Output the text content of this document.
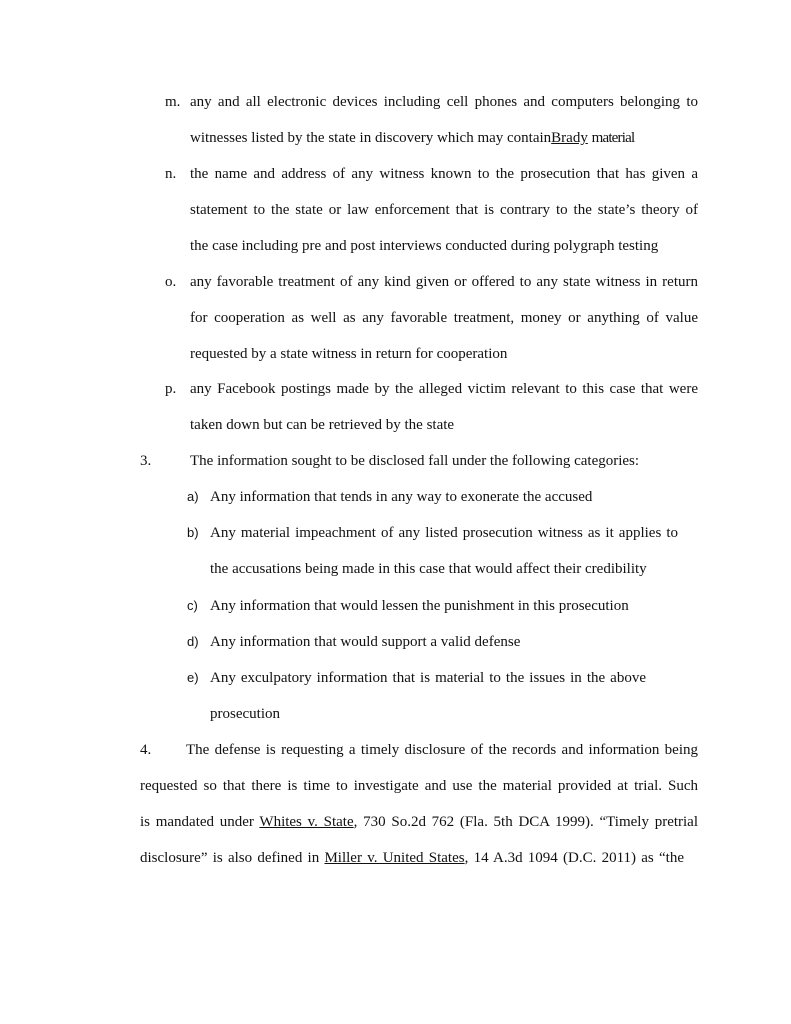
m. any and all electronic devices including cell phones and computers belonging to
witnesses listed by the state in discovery which may containBrady material
n. the name and address of any witness known to the prosecution that has given a
statement to the state or law enforcement that is contrary to the state’s theory of
the case including pre and post interviews conducted during polygraph testing
o. any favorable treatment of any kind given or offered to any state witness in return
for cooperation as well as any favorable treatment, money or anything of value
requested by a state witness in return for cooperation
p. any Facebook postings made by the alleged victim relevant to this case that were
taken down but can be retrieved by the state
3.	The information sought to be disclosed fall under the following categories:
a) Any information that tends in any way to exonerate the accused
b) Any material impeachment of any listed prosecution witness as it applies to
the accusations being made in this case that would affect their credibility
c) Any information that would lessen the punishment in this prosecution
d) Any information that would support a valid defense
e) Any exculpatory information that is material to the issues in the above
prosecution
4. The defense is requesting a timely disclosure of the records and information being
requested so that there is time to investigate and use the material provided at trial. Such
is mandated under Whites v. State, 730 So.2d 762 (Fla. 5th DCA 1999). “Timely pretrial
disclosure” is also defined in Miller v. United States, 14 A.3d 1094 (D.C. 2011) as “the
